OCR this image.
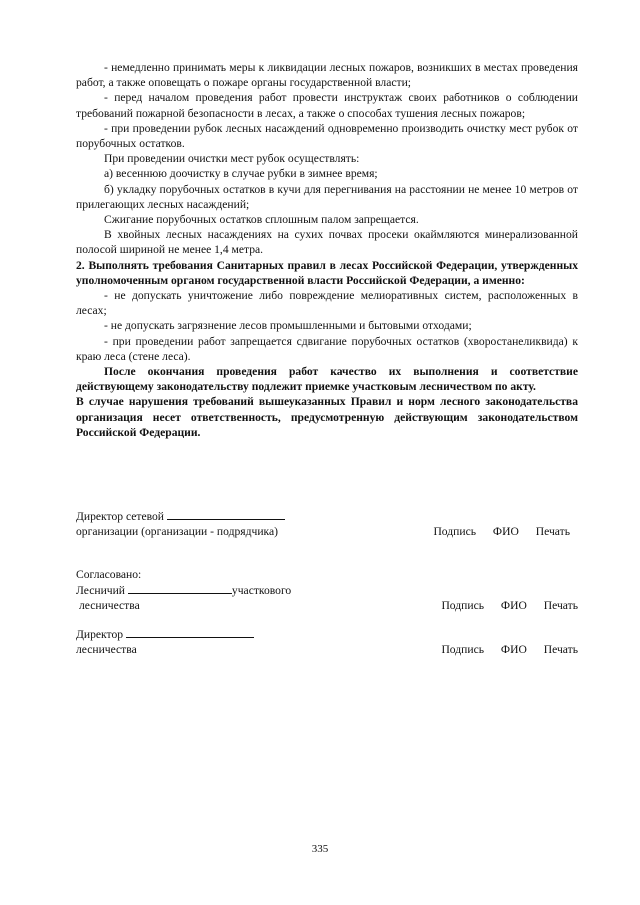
- немедленно принимать меры к ликвидации лесных пожаров, возникших в местах проведения работ, а также оповещать о пожаре органы государственной власти;

- перед началом проведения работ провести инструктаж своих работников о соблюдении требований пожарной безопасности в лесах, а также о способах тушения лесных пожаров;

- при проведении рубок лесных насаждений одновременно производить очистку мест рубок от порубочных остатков.

При проведении очистки мест рубок осуществлять:

а) весеннюю доочистку в случае рубки в зимнее время;

б) укладку порубочных остатков в кучи для перегнивания на расстоянии не менее 10 метров от прилегающих лесных насаждений;

Сжигание порубочных остатков сплошным палом запрещается.

В хвойных лесных насаждениях на сухих почвах просеки окаймляются минерализованной полосой шириной не менее 1,4 метра.

2. Выполнять требования Санитарных правил в лесах Российской Федерации, утвержденных уполномоченным органом государственной власти Российской Федерации, а именно:

- не допускать уничтожение либо повреждение мелиоративных систем, расположенных в лесах;

- не допускать загрязнение лесов промышленными и бытовыми отходами;

- при проведении работ запрещается сдвигание порубочных остатков (хворостанеликвида) к краю леса (стене леса).

После окончания проведения работ качество их выполнения и соответствие действующему законодательству подлежит приемке участковым лесничеством по акту.

В случае нарушения требований вышеуказанных Правил и норм лесного законодательства организация несет ответственность, предусмотренную действующим законодательством Российской Федерации.

Директор сетевой
организации (организации - подрядчика)	Подпись ФИО Печать
Согласовано:
Лесничий	участкового
лесничества	Подпись ФИО Печать
Директор
лесничества	Подпись ФИО Печать
335
